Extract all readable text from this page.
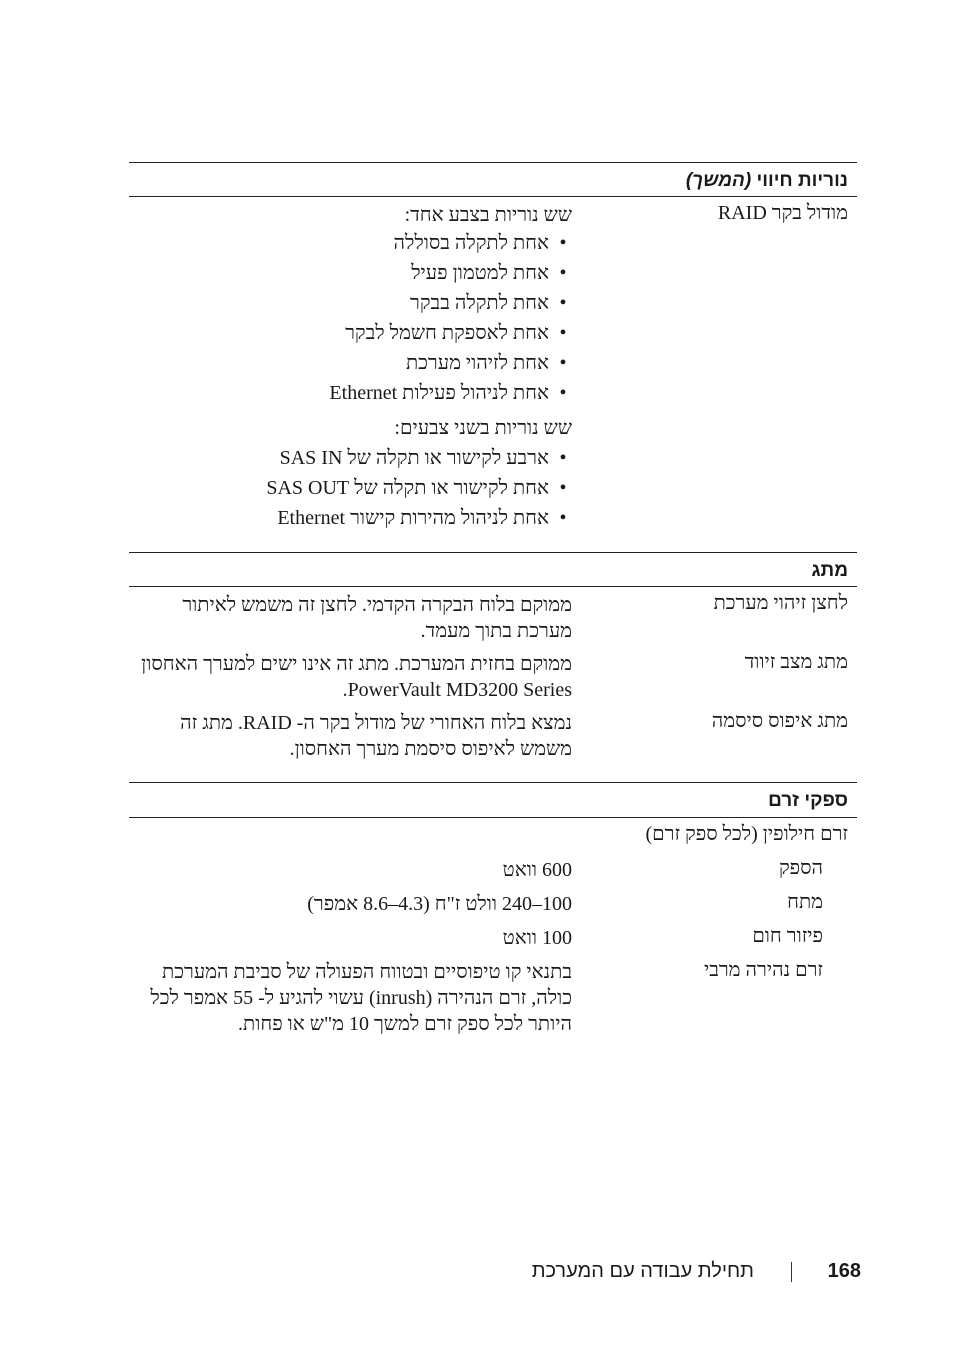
נוריות חיווי (המשך)
מודול בקר RAID
שש נוריות בצבע אחד:
• אחת לתקלה בסוללה
• אחת למטמון פעיל
• אחת לתקלה בבקר
• אחת לאספקת חשמל לבקר
• אחת לזיהוי מערכת
• אחת לניהול פעילות Ethernet
שש נוריות בשני צבעים:
• ארבע לקישור או תקלה של SAS IN
• אחת לקישור או תקלה של SAS OUT
• אחת לניהול מהירות קישור Ethernet
מתג
לחצן זיהוי מערכת
ממוקם בלוח הבקרה הקדמי. לחצן זה משמש לאיתור מערכת בתוך מעמד.
מתג מצב זיווד
ממוקם בחזית המערכת. מתג זה אינו ישים למערך האחסון PowerVault MD3200 Series.
מתג איפוס סיסמה
נמצא בלוח האחורי של מודול בקר ה- RAID. מתג זה משמש לאיפוס סיסמת מערך האחסון.
ספקי זרם
זרם חילופין (לכל ספק זרם)
הספק
600 וואט
מתח
100–240 וולט ז"ח (4.3–8.6 אמפר)
פיזור חום
100 וואט
זרם נהירה מרבי
בתנאי קו טיפוסיים ובטווח הפעולה של סביבת המערכת כולה, זרם הנהירה (inrush) עשוי להגיע ל- 55 אמפר לכל היותר לכל ספק זרם למשך 10 מ"ש או פחות.
168
תחילת עבודה עם המערכת
